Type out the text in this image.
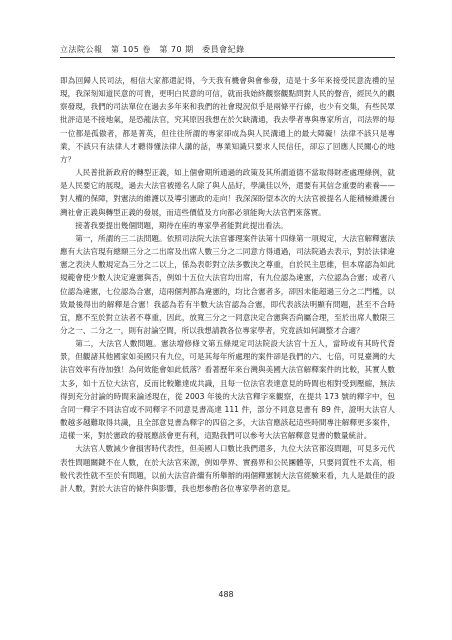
立法院公報　第 105 卷　第 70 期　委員會紀錄

即為回歸人民司法，相信大家都還記得，今天我有機會與會參發，這是十多年來接受民意洗禮的呈現，我深刻知道民意的可貴，更明白民意的可信，就而我始終觀察觀點問對人民的聲音，經民久的觀察發現，我們的司法單位在過去多年來和我們的社會現況似乎是兩條平行線，也少有交集，有些民眾批評這是不接地氣，是恐龍法官，究其原因我想在於欠缺溝通，我去學者專與專家所言，司法界的每一位都是孤傲者，都是菁英，但往往所謂的專家卻成為與人民溝通上的最大障礙！法律不該只是專業，不該只有法律人才聽得懂法律人講的話，專業知識只要求人民信任，卻忘了回應人民關心的地方？

人民普批新政府的轉型正義，如上個會期所通過的政策及其所謂道德不當取得財產處理條例，就是人民要它的展現，過去大法官被捲名人除了與人品好，學識佳以外，還要有其信念重要的素養——對人權的保障，對憲法的維護以及導引憲政的走向！我深深盼望本次的大法官被提名人能積極維護台灣社會正義與轉型正義的發展，而這些價值及方向都必須能夠大法官們來落實。

接著我要提出幾個問題，期待在座的專家學者能對此提出看法。

第一，所謂的三二法問題。依照司法院大法官審理案件法第十四條第一項規定，大法官解釋憲法應有大法官現有總額三分之二出席及出席人數三分之二同意方得通過，司法院過去表示，對於法律違憲之表決人數規定為三分之二以上，係為表彰對立法多數決之尊重，自於民主思維，但本席認為如此規範會使少數人決定違憲與否，例如十五位大法官均出席，有九位認為違憲，六位認為合憲；或者八位認為違憲，七位認為合憲，這兩個判都為違憲的，均比合憲者多，卻因未能超過三分之二門檻，以致最後得出的解釋是合憲！我認為若有半數大法官認為合憲，即代表該法明顯有問題，甚至不合時宜，應不至於對立法者不尊重，因此，放寬三分之一同意決定合憲與否尚屬合理，至於出席人數限三分之一、二分之一，則有討論空間，所以我想請教各位專家學者，究竟該如何調整才合適？

第二，大法官人數問題。憲法增修條文第五條規定司法院設大法官十五人，當時或有其時代背景，但觀諸其他國家如美國只有九位，可是其每年所處理的案件卻是我們的六、七倍，可見臺灣的大法官效率有待加強！為何效能會如此低落？看著歷年來台灣與美國大法官解釋案件的比較，其實人數太多，如十五位大法官，反而比較難達成共識，且每一位法官表達意見的時間也相對受到壓縮，無法得到充分討論的時間來論述現在，從 2003 年後的大法官釋字來觀察，在提共 173 號的釋字中，包含同一釋字不同法官或不同釋字不同意見書高達 111 件，部分不同意見書有 89 件，證明大法官人數越多越難取得共識，且全部意見書為釋字的四倍之多，大法官應該起這些時間專注解釋更多案件，這樣一來，對於憲政的發展應該會更有利，這點我們可以參考大法官解釋意見書的數量統計。

大法官人數減少會損害時代表性，但美國人口數比我們還多，九位大法官都沒問題，可見多元代表性問題關鍵不在人數，在於大法官來源，例如學界、實務界和公民團體等，只要同質性不太高，相較代表性就不至於有問題，以前大法官許繼有所舉辦的兩個釋憲制大法官經驗來看，九人是最佳的設計人數，對於大法官的條件與影響，我也想參酌各位專家學者的意見。

488
